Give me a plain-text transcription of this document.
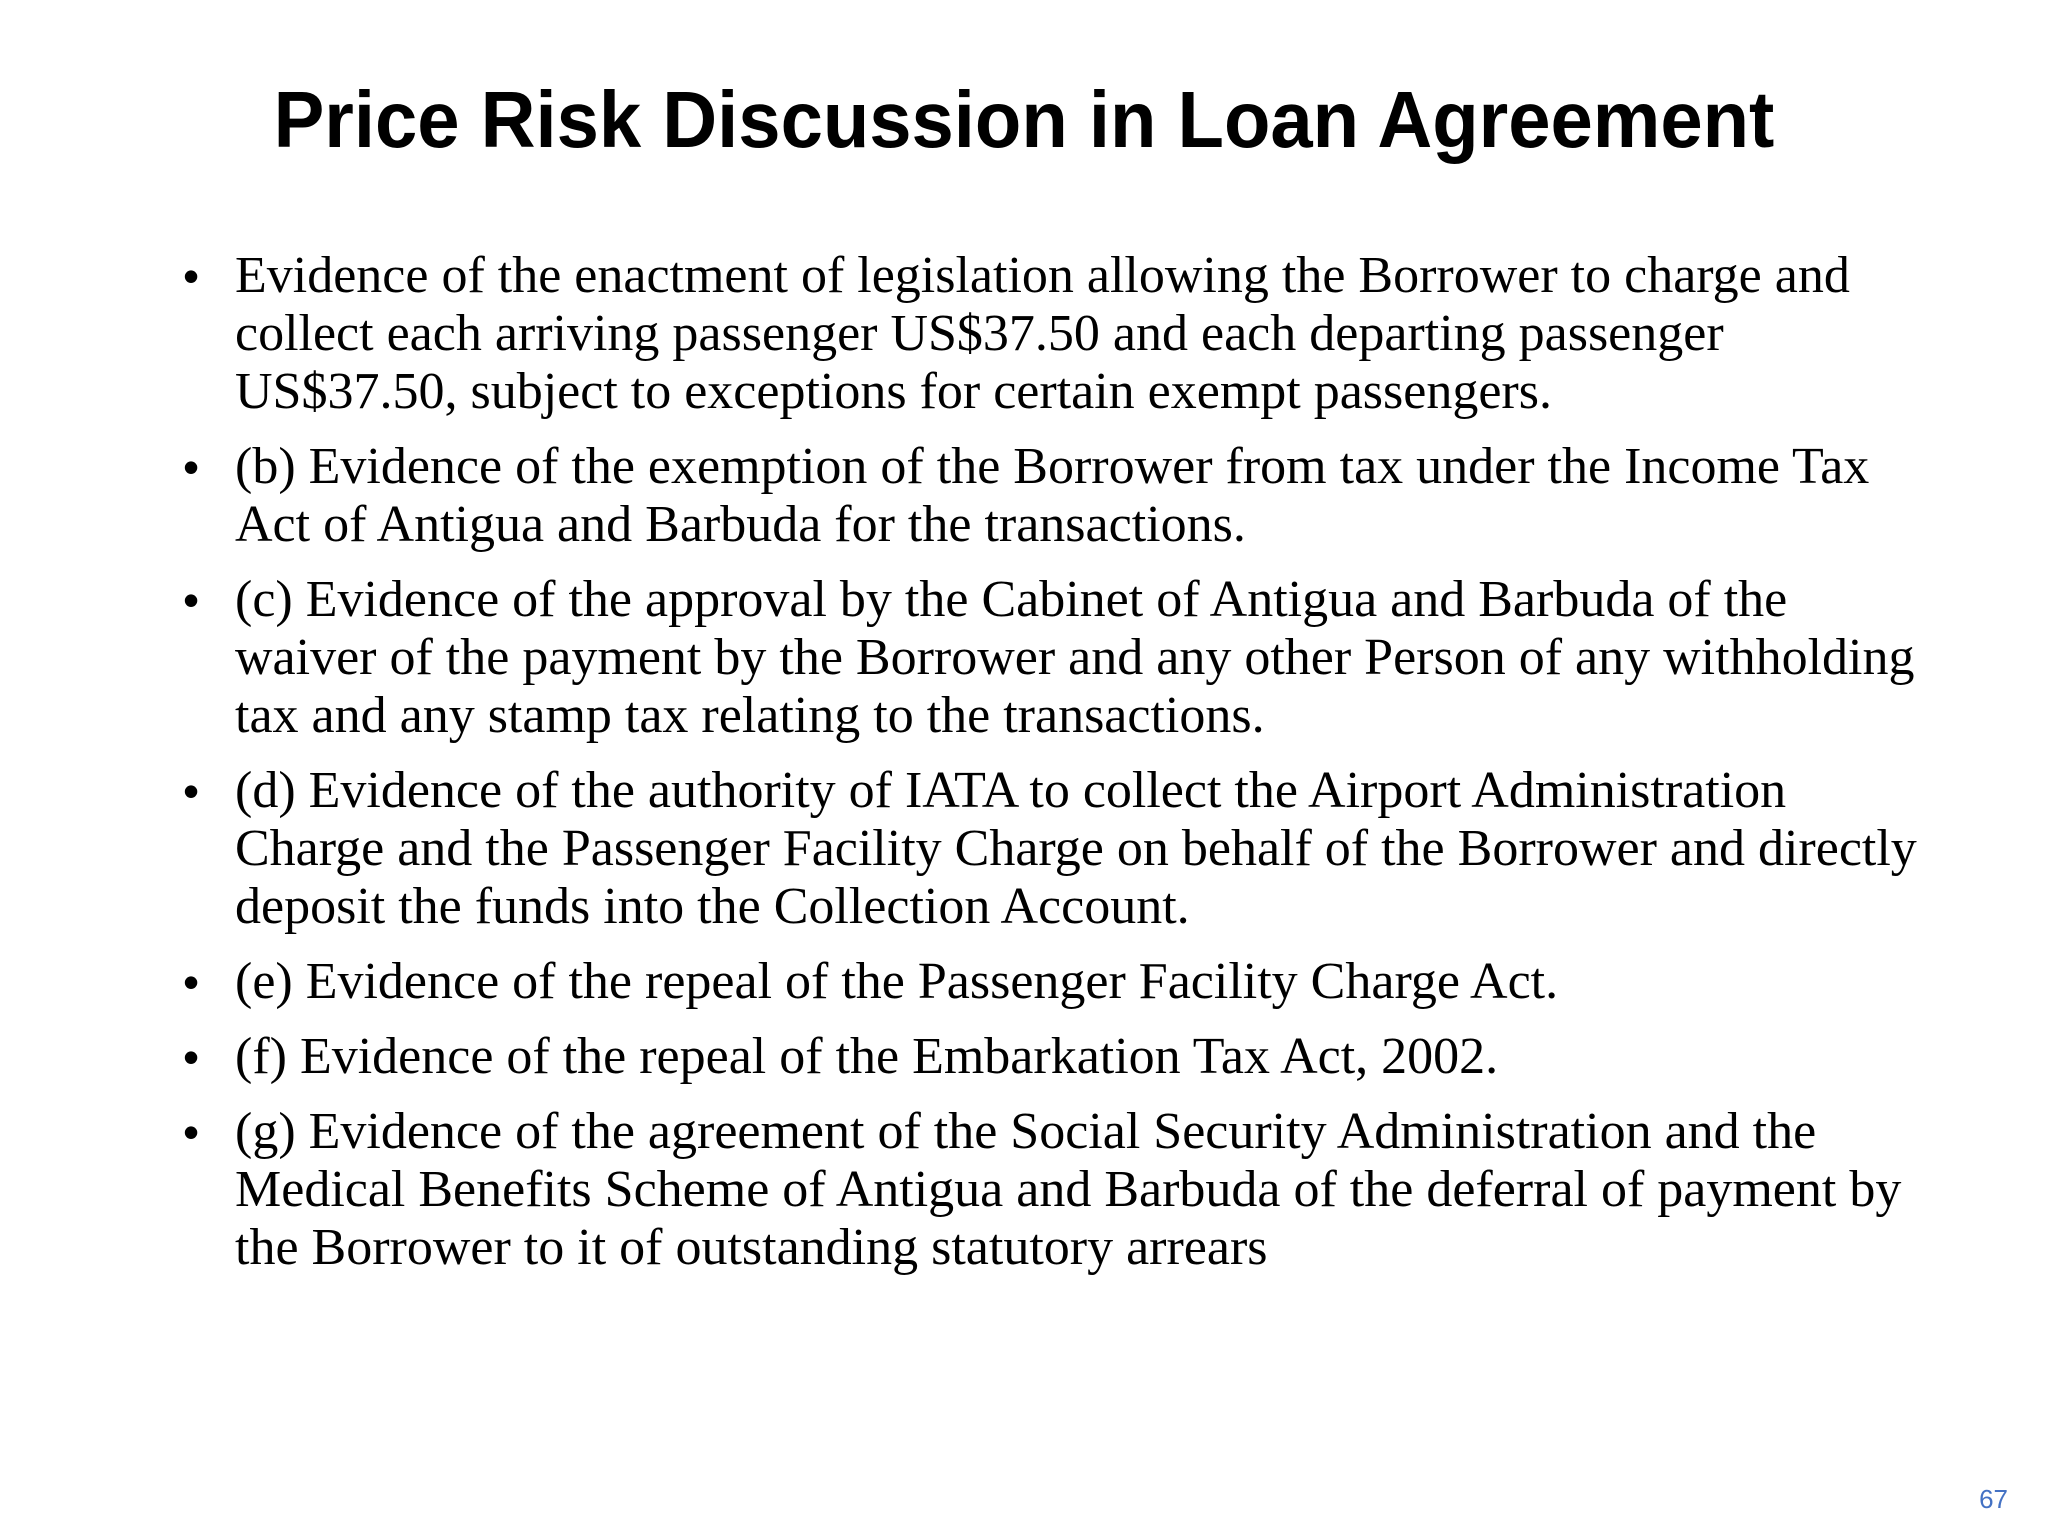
Price Risk Discussion in Loan Agreement
• Evidence of the enactment of legislation allowing the Borrower to charge and collect each arriving passenger US$37.50 and each departing passenger US$37.50, subject to exceptions for certain exempt passengers.
• (b) Evidence of the exemption of the Borrower from tax under the Income Tax Act of Antigua and Barbuda for the transactions.
• (c) Evidence of the approval by the Cabinet of Antigua and Barbuda of the waiver of the payment by the Borrower and any other Person of any withholding tax and any stamp tax relating to the transactions.
• (d) Evidence of the authority of IATA to collect the Airport Administration Charge and the Passenger Facility Charge on behalf of the Borrower and directly deposit the funds into the Collection Account.
• (e) Evidence of the repeal of the Passenger Facility Charge Act.
• (f) Evidence of the repeal of the Embarkation Tax Act, 2002.
• (g) Evidence of the agreement of the Social Security Administration and the Medical Benefits Scheme of Antigua and Barbuda of the deferral of payment by the Borrower to it of outstanding statutory arrears
67
